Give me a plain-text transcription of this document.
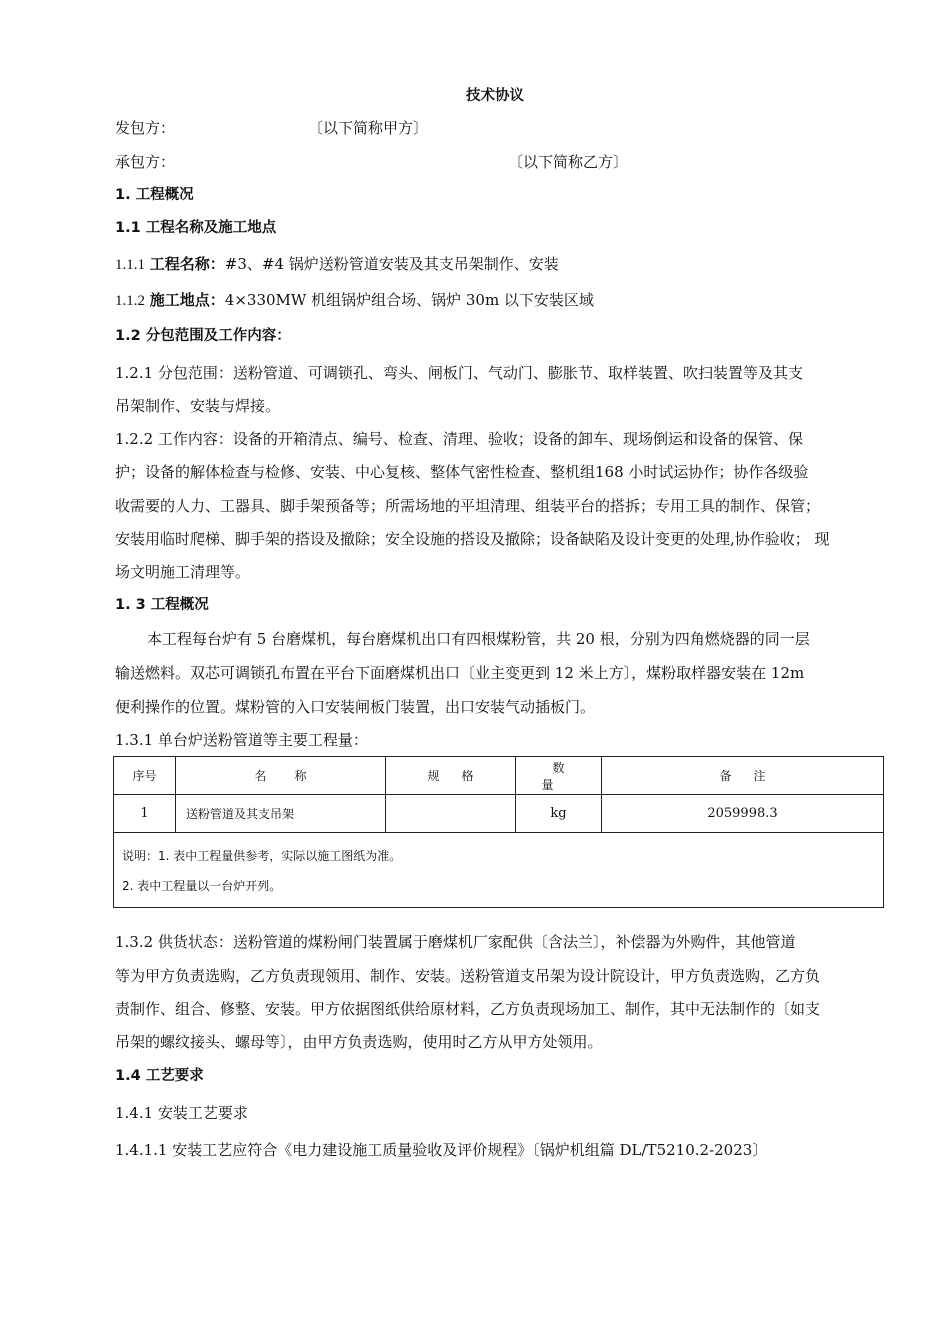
技术协议
发包方：	〔以下简称甲方〕
承包方：	〔以下简称乙方〕
1. 工程概况
1.1 工程名称及施工地点
1.1.1 工程名称：#3、#4 锅炉送粉管道安装及其支吊架制作、安装
1.1.2 施工地点：4×330MW 机组锅炉组合场、锅炉 30m 以下安装区域
1.2 分包范围及工作内容：
1.2.1 分包范围：送粉管道、可调锁孔、弯头、闸板门、气动门、膨胀节、取样装置、吹扫装置等及其支
吊架制作、安装与焊接。
1.2.2 工作内容：设备的开箱清点、编号、检查、清理、验收；设备的卸车、现场倒运和设备的保管、保
护；设备的解体检查与检修、安装、中心复核、整体气密性检查、整机组168 小时试运协作；协作各级验
收需要的人力、工器具、脚手架预备等；所需场地的平坦清理、组装平台的搭拆；专用工具的制作、保管；
安装用临时爬梯、脚手架的搭设及撤除；安全设施的搭设及撤除；设备缺陷及设计变更的处理,协作验收； 现
场文明施工清理等。
1. 3 工程概况
本工程每台炉有 5 台磨煤机，每台磨煤机出口有四根煤粉管，共 20 根，分别为四角燃烧器的同一层
输送燃料。双芯可调锁孔布置在平台下面磨煤机出口〔业主变更到 12 米上方〕，煤粉取样器安装在 12m
便利操作的位置。煤粉管的入口安装闸板门装置，出口安装气动插板门。
1.3.1 单台炉送粉管道等主要工程量：
序号	名称	规格	数量	备注
1	送粉管道及其支吊架		kg	2059998.3

说明：1. 表中工程量供参考，实际以施工图纸为准。
2. 表中工程量以一台炉开列。				
1.3.2 供货状态：送粉管道的煤粉闸门装置属于磨煤机厂家配供〔含法兰〕，补偿器为外购件，其他管道
等为甲方负责选购，乙方负责现领用、制作、安装。送粉管道支吊架为设计院设计，甲方负责选购，乙方负
责制作、组合、修整、安装。甲方依据图纸供给原材料，乙方负责现场加工、制作，其中无法制作的〔如支
吊架的螺纹接头、螺母等〕，由甲方负责选购，使用时乙方从甲方处领用。
1.4 工艺要求
1.4.1 安装工艺要求
1.4.1.1 安装工艺应符合《电力建设施工质量验收及评价规程》〔锅炉机组篇 DL/T5210.2-2023〕
